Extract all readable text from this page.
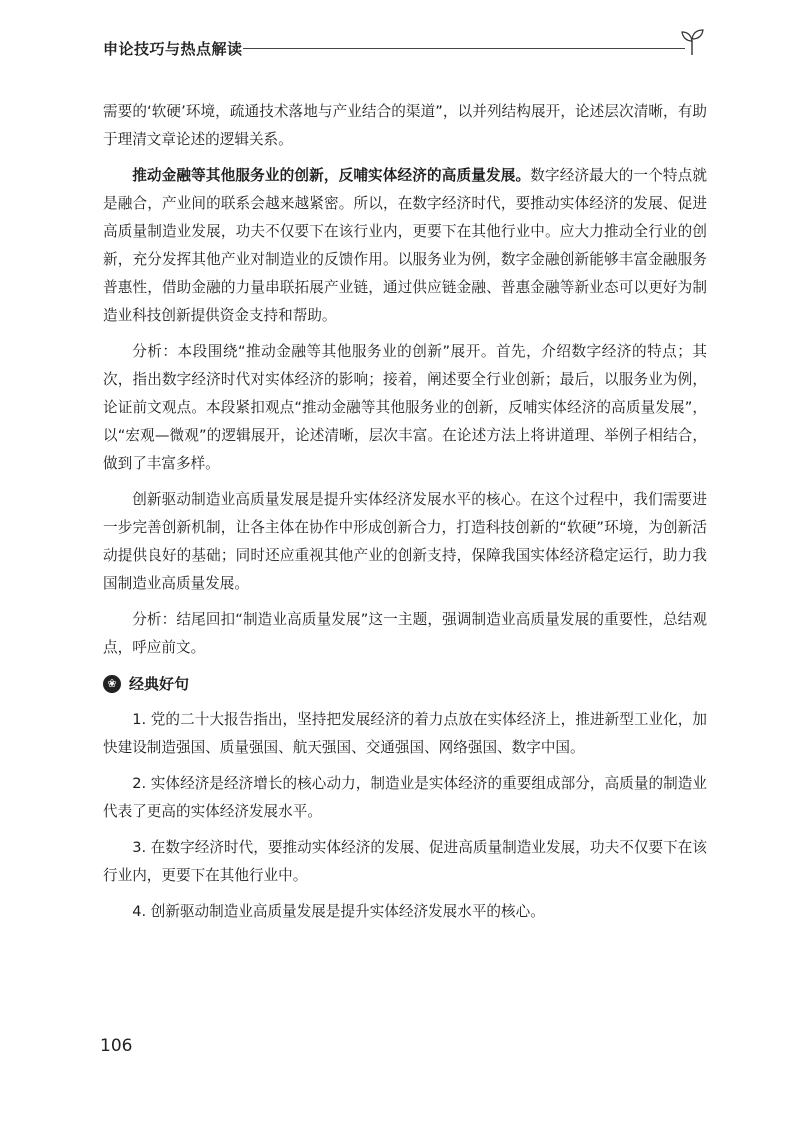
申论技巧与热点解读

需要的‘软硬’环境，疏通技术落地与产业结合的渠道”，以并列结构展开，论述层次清晰，有助于理清文章论述的逻辑关系。

推动金融等其他服务业的创新，反哺实体经济的高质量发展。数字经济最大的一个特点就是融合，产业间的联系会越来越紧密。所以，在数字经济时代，要推动实体经济的发展、促进高质量制造业发展，功夫不仅要下在该行业内，更要下在其他行业中。应大力推动全行业的创新，充分发挥其他产业对制造业的反馈作用。以服务业为例，数字金融创新能够丰富金融服务普惠性，借助金融的力量串联拓展产业链，通过供应链金融、普惠金融等新业态可以更好为制造业科技创新提供资金支持和帮助。

分析：本段围绕“推动金融等其他服务业的创新”展开。首先，介绍数字经济的特点；其次，指出数字经济时代对实体经济的影响；接着，阐述要全行业创新；最后，以服务业为例，论证前文观点。本段紧扣观点“推动金融等其他服务业的创新，反哺实体经济的高质量发展”，以“宏观—微观”的逻辑展开，论述清晰，层次丰富。在论述方法上将讲道理、举例子相结合，做到了丰富多样。

创新驱动制造业高质量发展是提升实体经济发展水平的核心。在这个过程中，我们需要进一步完善创新机制，让各主体在协作中形成创新合力，打造科技创新的“软硬”环境，为创新活动提供良好的基础；同时还应重视其他产业的创新支持，保障我国实体经济稳定运行，助力我国制造业高质量发展。

分析：结尾回扣“制造业高质量发展”这一主题，强调制造业高质量发展的重要性，总结观点，呼应前文。

❀ 经典好句

1. 党的二十大报告指出，坚持把发展经济的着力点放在实体经济上，推进新型工业化，加快建设制造强国、质量强国、航天强国、交通强国、网络强国、数字中国。

2. 实体经济是经济增长的核心动力，制造业是实体经济的重要组成部分，高质量的制造业代表了更高的实体经济发展水平。

3. 在数字经济时代，要推动实体经济的发展、促进高质量制造业发展，功夫不仅要下在该行业内，更要下在其他行业中。

4. 创新驱动制造业高质量发展是提升实体经济发展水平的核心。

106
